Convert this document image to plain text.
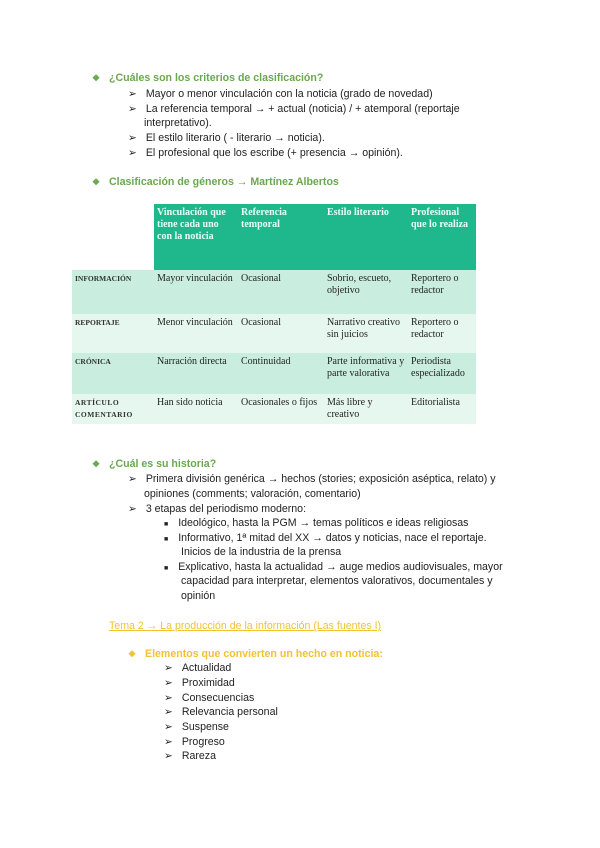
❖ ¿Cuáles son los criterios de clasificación?
➢ Mayor o menor vinculación con la noticia (grado de novedad)
➢ La referencia temporal → + actual (noticia) / + atemporal (reportaje
interpretativo).
➢ El estilo literario ( - literario → noticia).
➢ El profesional que los escribe (+ presencia → opinión).
❖ Clasificación de géneros → Martínez Albertos
	Vinculación que tiene cada uno con la noticia	Referencia temporal	Estilo literario	Profesional que lo realiza
INFORMACIÓN	Mayor vinculación	Ocasional	Sobrio, escueto, objetivo	Reportero o redactor
REPORTAJE	Menor vinculación	Ocasional	Narrativo creativo sin juicios	Reportero o redactor
CRÓNICA	Narración directa	Continuidad	Parte informativa y parte valorativa	Periodista especializado
ARTÍCULO COMENTARIO	Han sido noticia	Ocasionales o fijos	Más libre y creativo	Editorialista
❖ ¿Cuál es su historia?
➢ Primera división genérica → hechos (stories; exposición aséptica, relato) y
opiniones (comments; valoración, comentario)
➢ 3 etapas del periodismo moderno:
■ Ideológico, hasta la PGM → temas políticos e ideas religiosas
■ Informativo, 1ª mitad del XX → datos y noticias, nace el reportaje.
Inicios de la industria de la prensa
■ Explicativo, hasta la actualidad → auge medios audiovisuales, mayor
capacidad para interpretar, elementos valorativos, documentales y
opinión
Tema 2 → La producción de la información (Las fuentes I)
❖ Elementos que convierten un hecho en noticia:
➢ Actualidad
➢ Proximidad
➢ Consecuencias
➢ Relevancia personal
➢ Suspense
➢ Progreso
➢ Rareza
